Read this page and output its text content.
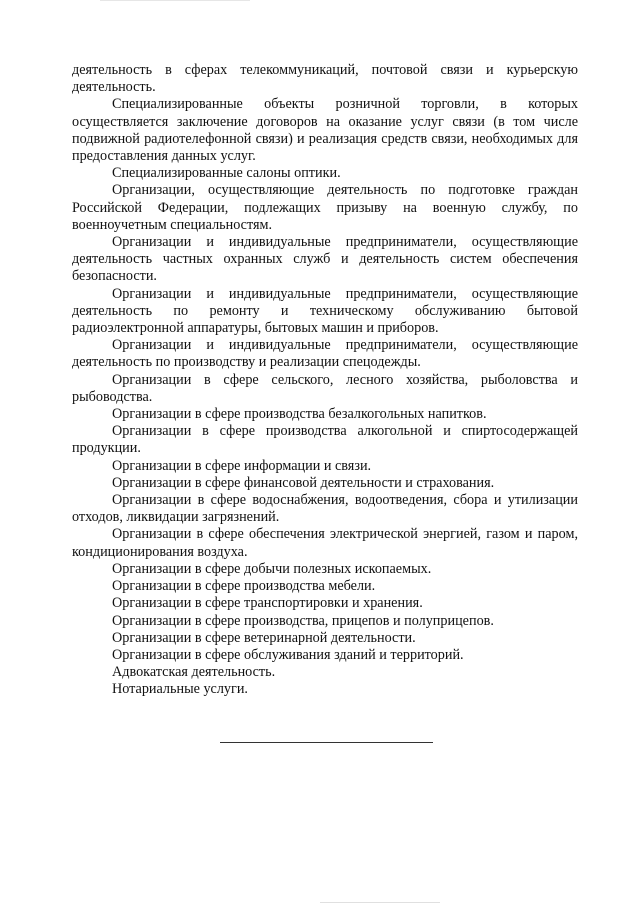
деятельность в сферах телекоммуникаций, почтовой связи и курьерскую деятельность.

Специализированные объекты розничной торговли, в которых осуществляется заключение договоров на оказание услуг связи (в том числе подвижной радиотелефонной связи) и реализация средств связи, необходимых для предоставления данных услуг.

Специализированные салоны оптики.

Организации, осуществляющие деятельность по подготовке граждан Российской Федерации, подлежащих призыву на военную службу, по военноучетным специальностям.

Организации и индивидуальные предприниматели, осуществляющие деятельность частных охранных служб и деятельность систем обеспечения безопасности.

Организации и индивидуальные предприниматели, осуществляющие деятельность по ремонту и техническому обслуживанию бытовой радиоэлектронной аппаратуры, бытовых машин и приборов.

Организации и индивидуальные предприниматели, осуществляющие деятельность по производству и реализации спецодежды.

Организации в сфере сельского, лесного хозяйства, рыболовства и рыбоводства.

Организации в сфере производства безалкогольных напитков.

Организации в сфере производства алкогольной и спиртосодержащей продукции.

Организации в сфере информации и связи.

Организации в сфере финансовой деятельности и страхования.

Организации в сфере водоснабжения, водоотведения, сбора и утилизации отходов, ликвидации загрязнений.

Организации в сфере обеспечения электрической энергией, газом и паром, кондиционирования воздуха.

Организации в сфере добычи полезных ископаемых.

Организации в сфере производства мебели.

Организации в сфере транспортировки и хранения.

Организации в сфере производства, прицепов и полуприцепов.

Организации в сфере ветеринарной деятельности.

Организации в сфере обслуживания зданий и территорий.

Адвокатская деятельность.

Нотариальные услуги.
